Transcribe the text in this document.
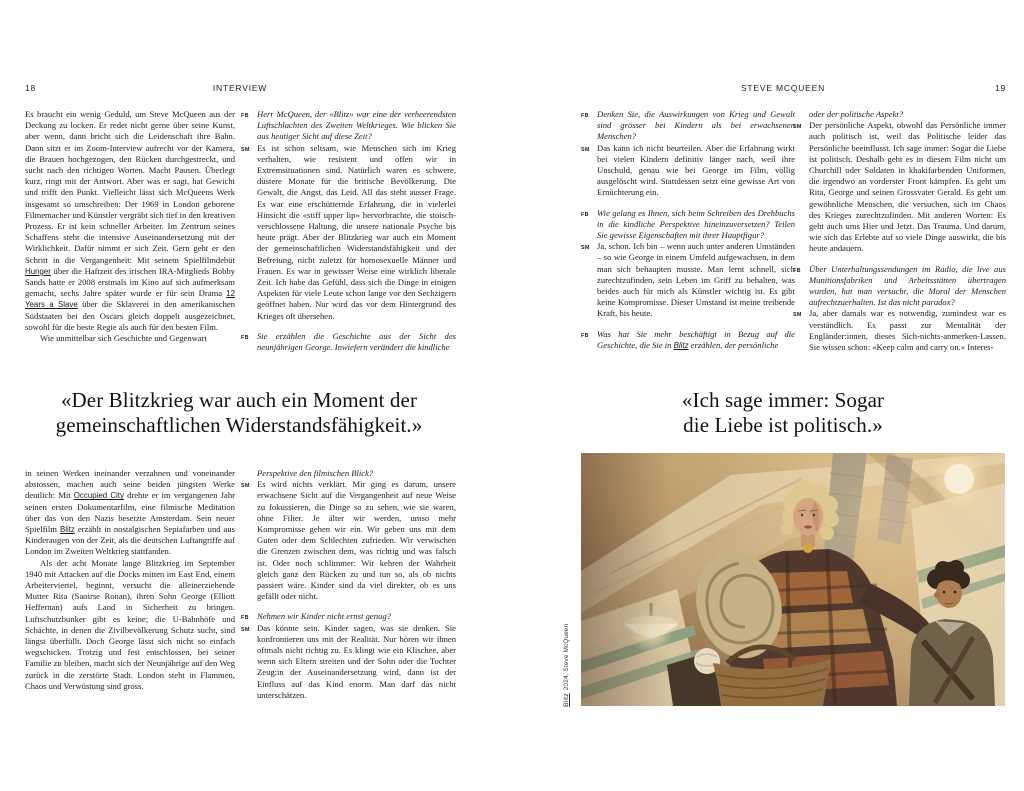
18	INTERVIEW	STEVE MCQUEEN	19

Es braucht ein wenig Geduld, um Steve McQueen aus der Deckung zu locken. Er redet nicht gerne über seine Kunst, aber wenn, dann bricht sich die Leidenschaft ihre Bahn. Dann sitzt er im Zoom-Interview aufrecht vor der Kamera, die Brauen hochgezogen, den Rücken durchgestreckt, und sucht nach den richtigen Worten. Macht Pausen. Überlegt kurz, ringt mit der Antwort. Aber was er sagt, hat Gewicht und trifft den Punkt. Vielleicht lässt sich McQueens Werk insgesamt so umschreiben: Der 1969 in London geborene Filmemacher und Künstler vergräbt sich tief in den kreativen Prozess. Er ist kein schneller Arbeiter. Im Zentrum seines Schaffens steht die intensive Auseinandersetzung mit der Wirklichkeit. Dafür nimmt er sich Zeit. Gern geht er den Schritt in die Vergangenheit: Mit seinem Spielfilmdebüt Hunger über die Haftzeit des irischen IRA-Mitglieds Bobby Sands hatte er 2008 erstmals im Kino auf sich aufmerksam gemacht, sechs Jahre später wurde er für sein Drama 12 Years a Slave über die Sklaverei in den amerikanischen Südstaaten bei den Oscars gleich doppelt ausgezeichnet, sowohl für die beste Regie als auch für den besten Film.

Wie unmittelbar sich Geschichte und Gegenwart

FB Herr McQueen, der «Blitz» war eine der verheerendsten Luftschlachten des Zweiten Weltkrieges. Wie blicken Sie aus heutiger Sicht auf diese Zeit?
SM Es ist schon seltsam, wie Menschen sich im Krieg verhalten, wie resistent und offen wir in Extremsituationen sind. Natürlich waren es schwere, düstere Monate für die britische Bevölkerung. Die Gewalt, die Angst, das Leid. All das steht ausser Frage. Es war eine erschütternde Erfahrung, die in vielerlei Hinsicht die «stiff upper lip» hervorbrachte, die stoisch-verschlossene Haltung, die unsere nationale Psyche bis heute prägt. Aber der Blitzkrieg war auch ein Moment der gemeinschaftlichen Widerstandsfähigkeit und der Befreiung, nicht zuletzt für homosexuelle Männer und Frauen. Es war in gewisser Weise eine wirklich liberale Zeit. Ich habe das Gefühl, dass sich die Dinge in einigen Aspekten für viele Leute schon lange vor den Sechzigern geöffnet haben. Nur wird das vor dem Hintergrund des Krieges oft übersehen.
FB Sie erzählen die Geschichte aus der Sicht des neunjährigen George. Inwiefern verändert die kindliche
«Der Blitzkrieg war auch ein Moment der
gemeinschaftlichen Widerstandsfähigkeit.»

in seinen Werken ineinander verzahnen und voneinander abstossen, machen auch seine beiden jüngsten Werke deutlich: Mit Occupied City drehte er im vergangenen Jahr seinen ersten Dokumentarfilm, eine filmische Meditation über das von den Nazis besetzte Amsterdam. Sein neuer Spielfilm Blitz erzählt in nostalgischen Sepiafarben und aus Kinderaugen von der Zeit, als die deutschen Luftangriffe auf London im Zweiten Weltkrieg stattfanden.

Als der acht Monate lange Blitzkrieg im September 1940 mit Attacken auf die Docks mitten im East End, einem Arbeiterviertel, beginnt, versucht die alleinerziehende Mutter Rita (Saoirse Ronan), ihren Sohn George (Elliott Heffernan) aufs Land in Sicherheit zu bringen. Luftschutzbunker gibt es keine; die U-Bahnhöfe und Schächte, in denen die Zivilbevölkerung Schutz sucht, sind längst überfüllt. Doch George lässt sich nicht so einfach wegschicken. Trotzig und fest entschlossen, bei seiner Familie zu bleiben, macht sich der Neunjährige auf den Weg zurück in die zerstörte Stadt. London steht in Flammen, Chaos und Verwüstung sind gross.

Perspektive den filmischen Blick?
SM Es wird nichts verklärt. Mir ging es darum, unsere erwachsene Sicht auf die Vergangenheit auf neue Weise zu fokussieren, die Dinge so zu sehen, wie sie waren, ohne Filter. Je älter wir werden, umso mehr Kompromisse gehen wir ein. Wir geben uns mit dem Guten oder dem Schlechten zufrieden. Wir verwischen die Grenzen zwischen dem, was richtig und was falsch ist. Oder noch schlimmer: Wir kehren der Wahrheit gleich ganz den Rücken zu und tun so, als ob nichts passiert wäre. Kinder sind da viel direkter, ob es uns gefällt oder nicht.
FB Nehmen wir Kinder nicht ernst genug?
SM Das könnte sein. Kinder sagen, was sie denken. Sie konfrontieren uns mit der Realität. Nur hören wir ihnen oftmals nicht richtig zu. Es klingt wie ein Klischee, aber wenn sich Eltern streiten und der Sohn oder die Tochter Zeug:in der Auseinandersetzung wird, dann ist der Einfluss auf das Kind enorm. Man darf das nicht unterschätzen.
FB Denken Sie, die Auswirkungen von Krieg und Gewalt sind grösser bei Kindern als bei erwachsenen Menschen?
SM Das kann ich nicht beurteilen. Aber die Erfahrung wirkt bei vielen Kindern definitiv länger nach, weil ihre Unschuld, genau wie bei George im Film, völlig ausgelöscht wird. Stattdessen setzt eine gewisse Art von Ernüchterung ein.
FB Wie gelang es Ihnen, sich beim Schreiben des Drehbuchs in die kindliche Perspektive hineinzuversetzen? Teilen Sie gewisse Eigenschaften mit ihrer Hauptfigur?
SM Ja, schon. Ich bin – wenn auch unter anderen Umständen – so wie George in einem Umfeld aufgewachsen, in dem man sich behaupten musste. Man lernt schnell, sich zurechtzufinden, sein Leben im Griff zu behalten, was beides auch für mich als Künstler wichtig ist. Es gibt keine Kompromisse. Dieser Umstand ist meine treibende Kraft, bis heute.
FB Was hat Sie mehr beschäftigt in Bezug auf die Geschichte, die Sie in Blitz erzählen, der persönliche
oder der politische Aspekt?
SM Der persönliche Aspekt, obwohl das Persönliche immer auch politisch ist, weil das Politische leider das Persönliche beeinflusst. Ich sage immer: Sogar die Liebe ist politisch. Deshalb geht es in diesem Film nicht um Churchill oder Soldaten in khakifarbenden Uniformen, die irgendwo an vorderster Front kämpfen. Es geht um Rita, George und seinen Grossvater Gerald. Es geht um gewöhnliche Menschen, die versuchen, sich im Chaos des Krieges zurechtzufinden. Mit anderen Worten: Es geht auch ums Hier und Jetzt. Das Trauma. Und darum, wie sich das Erlebte auf so viele Dinge auswirkt, die bis heute andauern.
FB Über Unterhaltungssendungen im Radio, die live aus Munitionsfabriken und Arbeitsstätten übertragen wurden, hat man versucht, die Moral der Menschen aufrechtzuerhalten. Ist das nicht paradox?
SM Ja, aber damals war es notwendig, zumindest war es verständlich. Es passt zur Mentalität der Engländer:innen, dieses Sich-nichts-anmerken-Lassen. Sie wissen schon: «Keep calm and carry on.» Interes-
«Ich sage immer: Sogar
die Liebe ist politisch.»
Blitz2024, Steve McQueen
